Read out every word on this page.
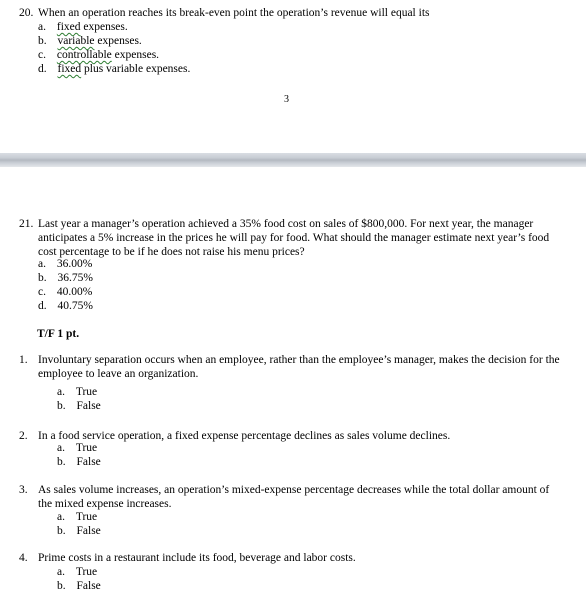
20. When an operation reaches its break-even point the operation’s revenue will equal its
a. fixed expenses.
b. variable expenses.
c. controllable expenses.
d. fixed plus variable expenses.
3
21. Last year a manager’s operation achieved a 35% food cost on sales of $800,000. For next year, the manager anticipates a 5% increase in the prices he will pay for food. What should the manager estimate next year’s food cost percentage to be if he does not raise his menu prices?
a. 36.00%
b. 36.75%
c. 40.00%
d. 40.75%
T/F 1 pt.
1. Involuntary separation occurs when an employee, rather than the employee’s manager, makes the decision for the employee to leave an organization.
a. True
b. False
2. In a food service operation, a fixed expense percentage declines as sales volume declines.
a. True
b. False
3. As sales volume increases, an operation’s mixed-expense percentage decreases while the total dollar amount of the mixed expense increases.
a. True
b. False
4. Prime costs in a restaurant include its food, beverage and labor costs.
a. True
b. False
